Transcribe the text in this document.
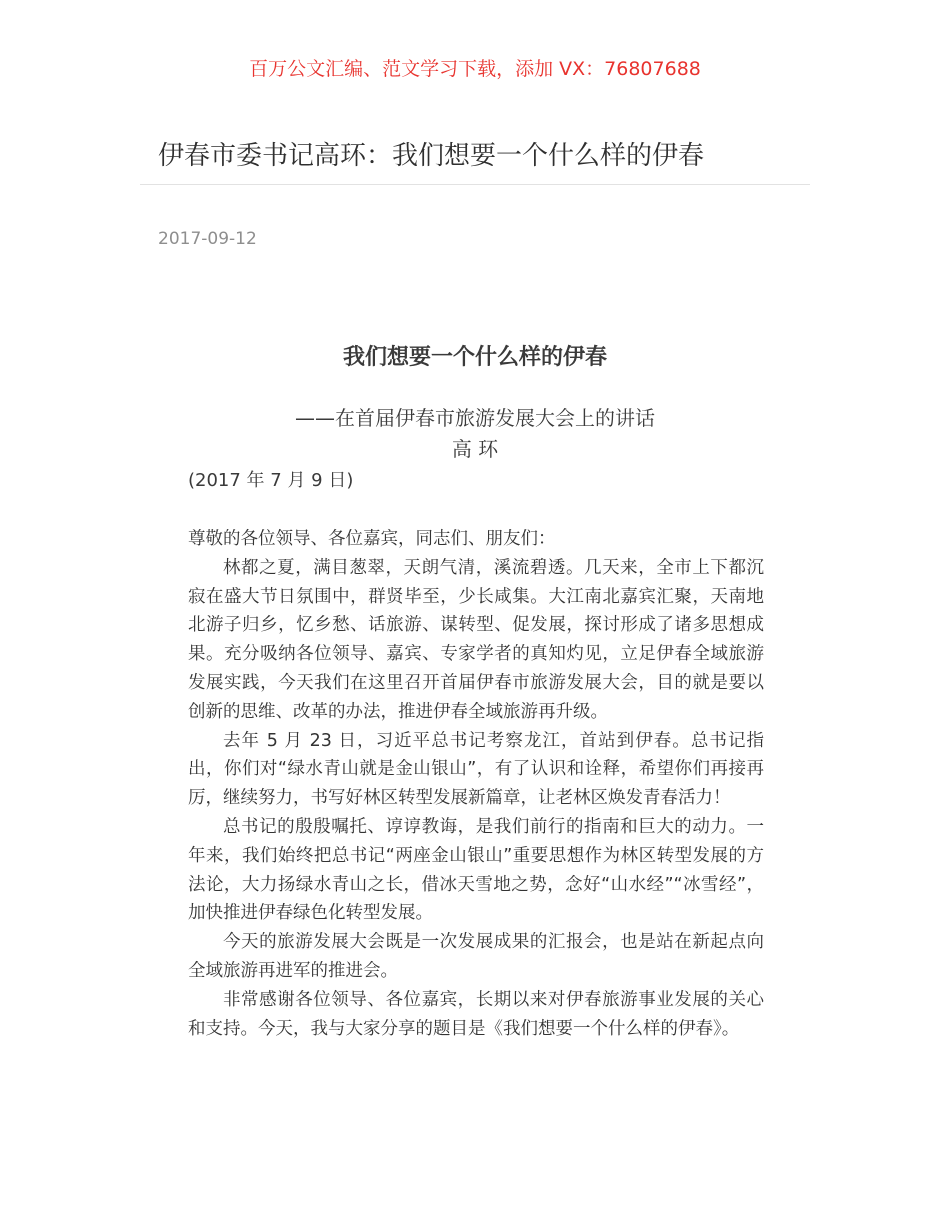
百万公文汇编、范文学习下载，添加 VX：76807688
伊春市委书记高环：我们想要一个什么样的伊春
2017-09-12
我们想要一个什么样的伊春
——在首届伊春市旅游发展大会上的讲话
高 环
(2017 年 7 月 9 日)

尊敬的各位领导、各位嘉宾，同志们、朋友们：

林都之夏，满目葱翠，天朗气清，溪流碧透。几天来，全市上下都沉寂在盛大节日氛围中，群贤毕至，少长咸集。大江南北嘉宾汇聚，天南地北游子归乡，忆乡愁、话旅游、谋转型、促发展，探讨形成了诸多思想成果。充分吸纳各位领导、嘉宾、专家学者的真知灼见，立足伊春全域旅游发展实践，今天我们在这里召开首届伊春市旅游发展大会，目的就是要以创新的思维、改革的办法，推进伊春全域旅游再升级。

去年 5 月 23 日，习近平总书记考察龙江，首站到伊春。总书记指出，你们对“绿水青山就是金山银山”，有了认识和诠释，希望你们再接再厉，继续努力，书写好林区转型发展新篇章，让老林区焕发青春活力！

总书记的殷殷嘱托、谆谆教诲，是我们前行的指南和巨大的动力。一年来，我们始终把总书记“两座金山银山”重要思想作为林区转型发展的方法论，大力扬绿水青山之长，借冰天雪地之势，念好“山水经”“冰雪经”，加快推进伊春绿色化转型发展。

今天的旅游发展大会既是一次发展成果的汇报会，也是站在新起点向全域旅游再进军的推进会。

非常感谢各位领导、各位嘉宾，长期以来对伊春旅游事业发展的关心和支持。今天，我与大家分享的题目是《我们想要一个什么样的伊春》。
